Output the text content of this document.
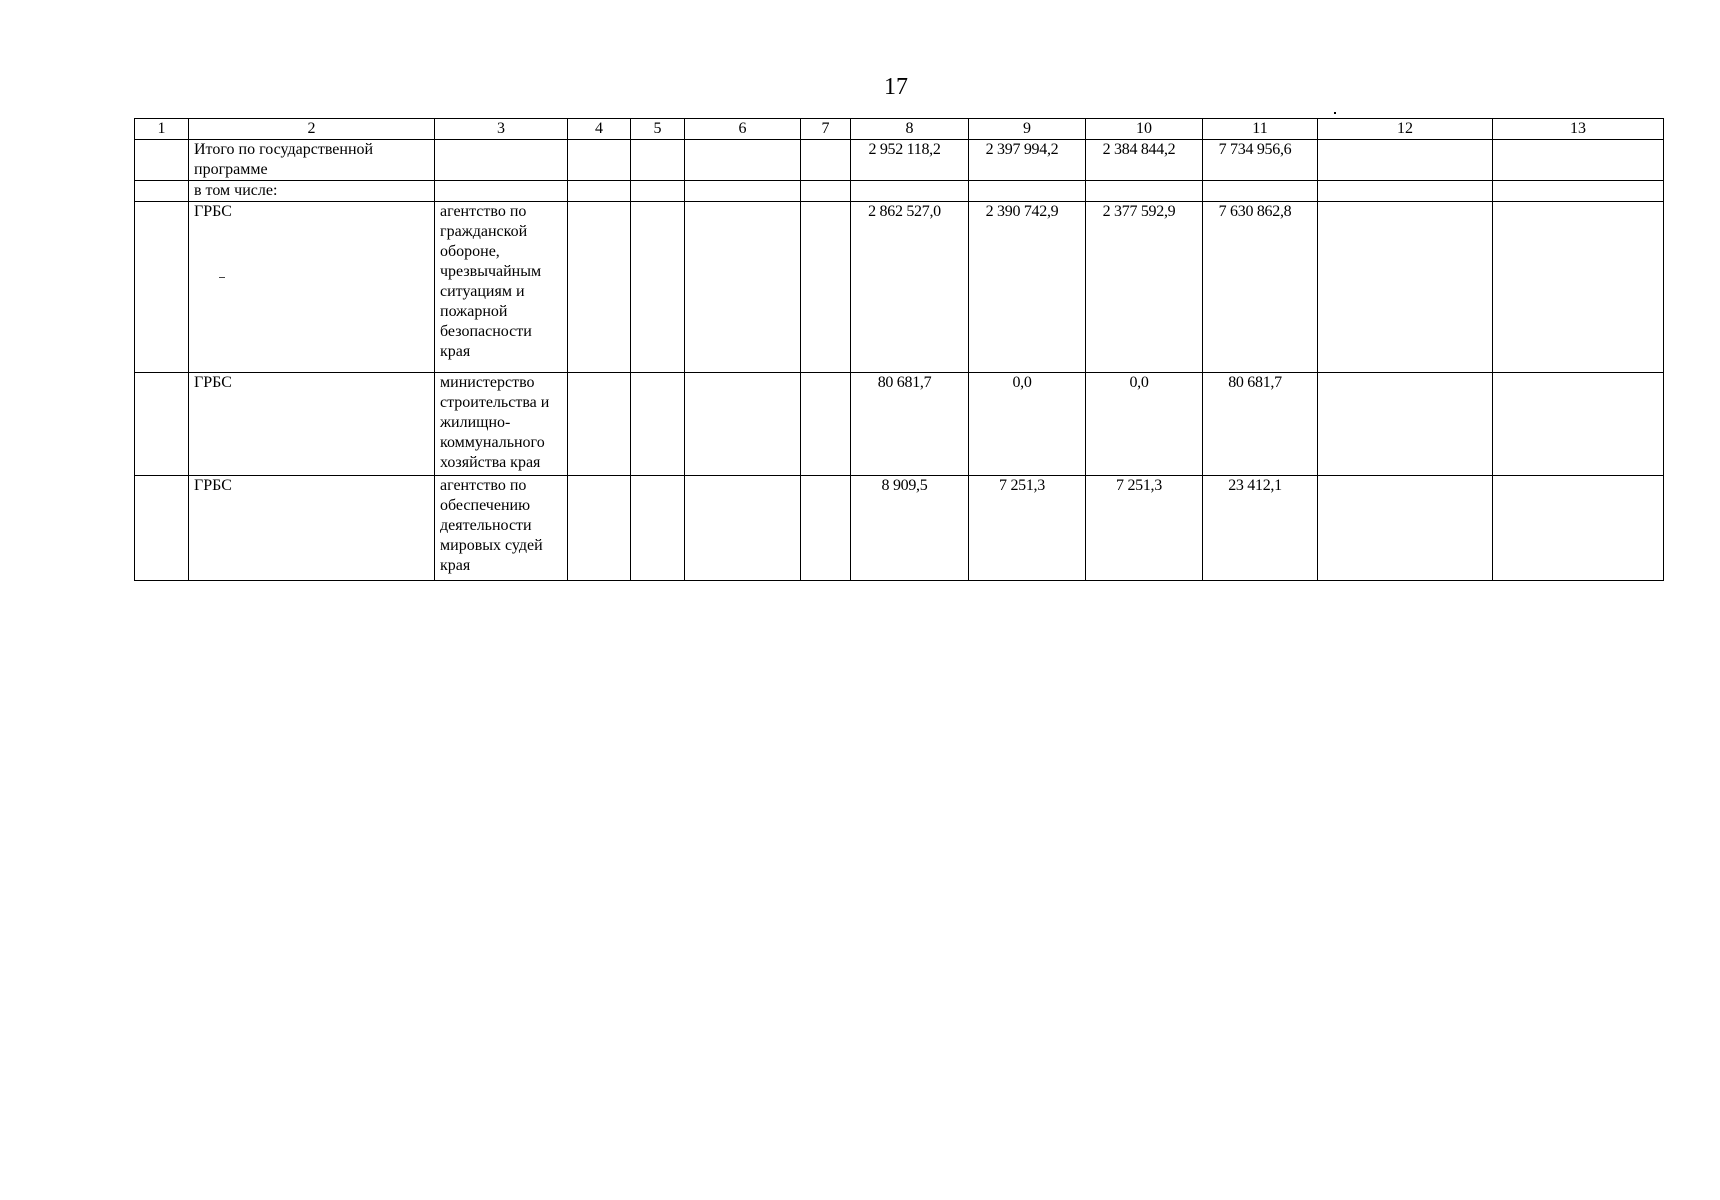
17
1	2	3	4	5	6	7	8	9	10	11	12	13
	Итого по государственной программе						2 952 118,2	2 397 994,2	2 384 844,2	7 734 956,6		
	в том числе:											
	ГРБС	агентство по гражданской обороне, чрезвычайным ситуациям и пожарной безопасности края					2 862 527,0	2 390 742,9	2 377 592,9	7 630 862,8		
	ГРБС	министерство строительства и жилищно-коммунального хозяйства края					80 681,7	0,0	0,0	80 681,7		
	ГРБС	агентство по обеспечению деятельности мировых судей края					8 909,5	7 251,3	7 251,3	23 412,1		
